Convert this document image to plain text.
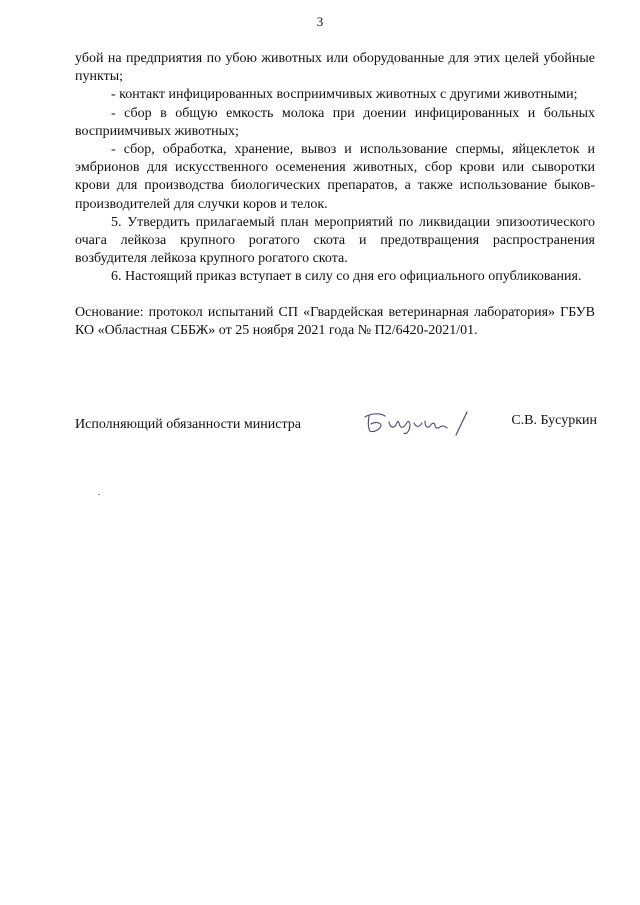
3

убой на предприятия по убою животных или оборудованные для этих целей убойные пункты;

- контакт инфицированных восприимчивых животных с другими животными;

- сбор в общую емкость молока при доении инфицированных и больных восприимчивых животных;

- сбор, обработка, хранение, вывоз и использование спермы, яйцеклеток и эмбрионов для искусственного осеменения животных, сбор крови или сыворотки крови для производства биологических препаратов, а также использование быков-производителей для случки коров и телок.

5. Утвердить прилагаемый план мероприятий по ликвидации эпизоотического очага лейкоза крупного рогатого скота и предотвращения распространения возбудителя лейкоза крупного рогатого скота.

6. Настоящий приказ вступает в силу со дня его официального опубликования.

Основание: протокол испытаний СП «Гвардейская ветеринарная лаборатория» ГБУВ КО «Областная СББЖ» от 25 ноября 2021 года № П2/6420-2021/01.

Исполняющий обязанности министра	С.В. Бусуркин
